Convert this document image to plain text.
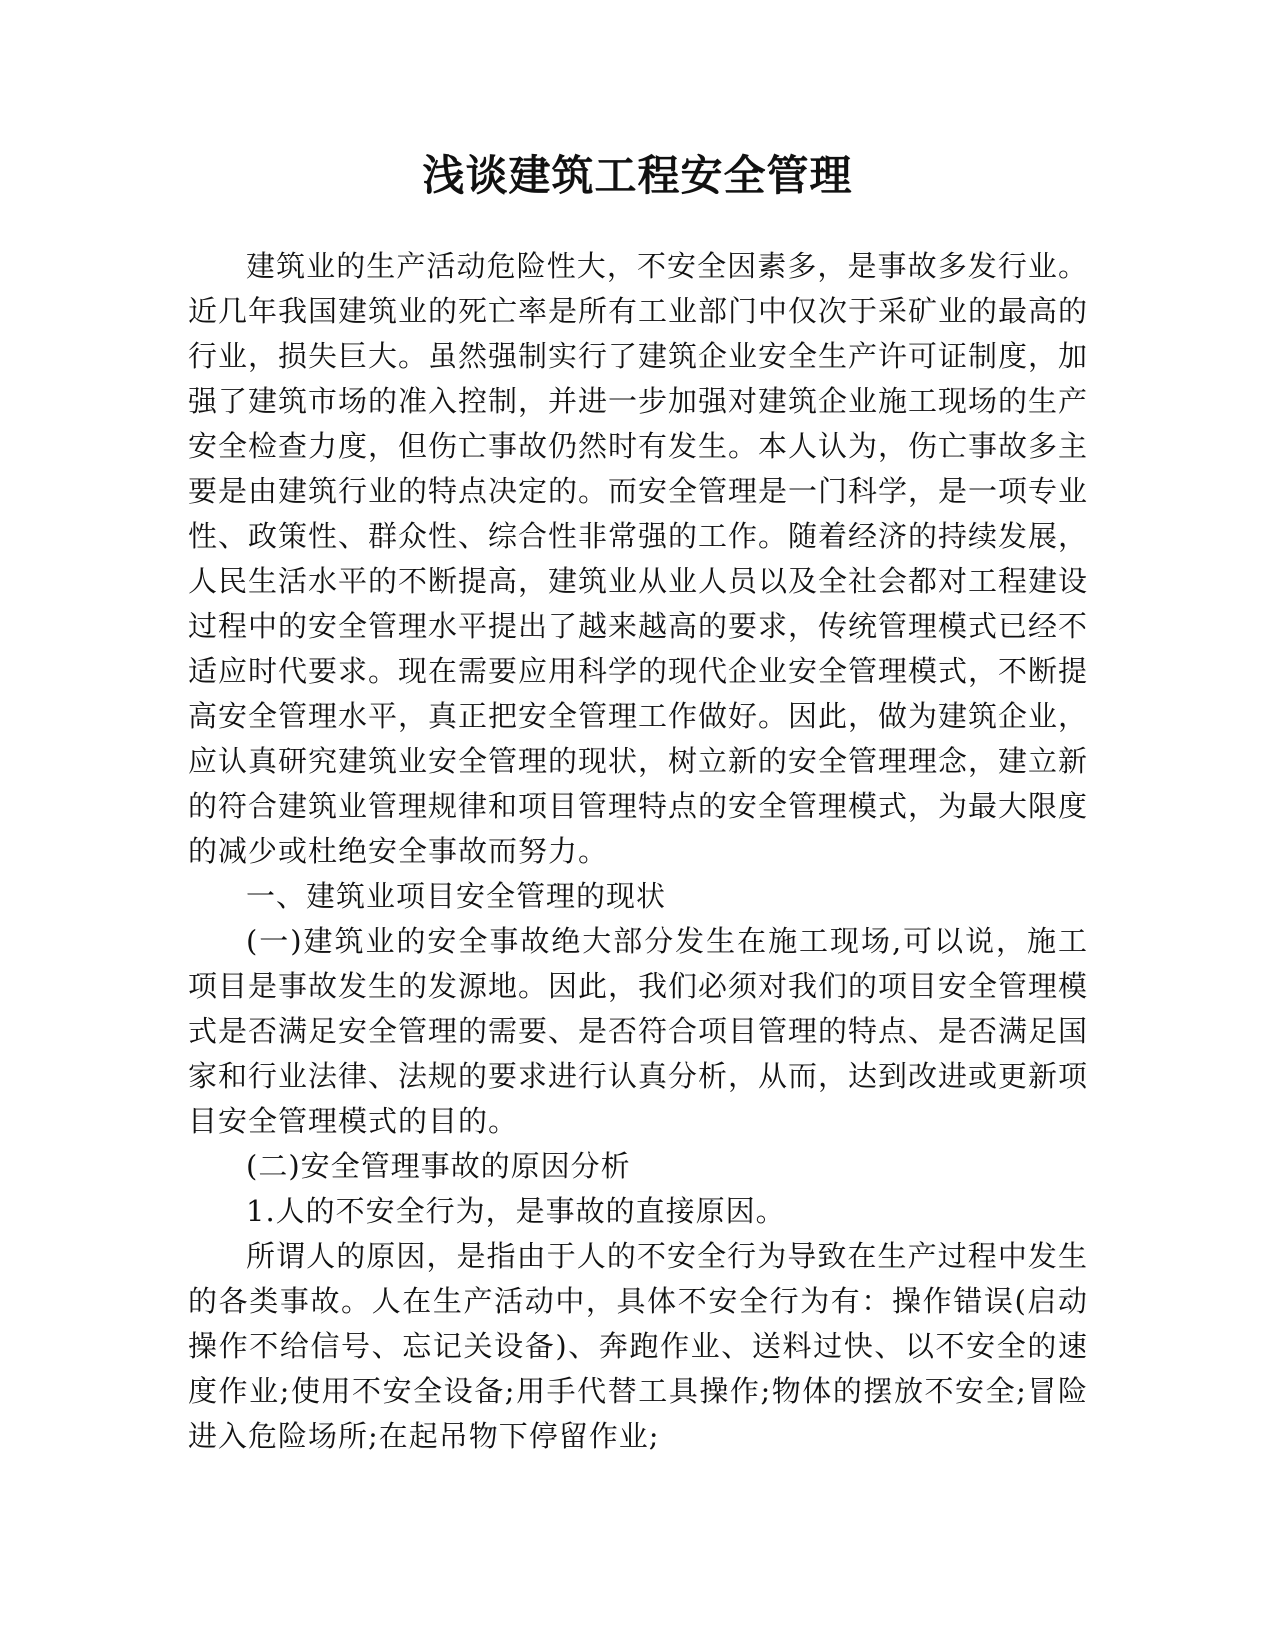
浅谈建筑工程安全管理

建筑业的生产活动危险性大，不安全因素多，是事故多发行业。近几年我国建筑业的死亡率是所有工业部门中仅次于采矿业的最高的行业，损失巨大。虽然强制实行了建筑企业安全生产许可证制度，加强了建筑市场的准入控制，并进一步加强对建筑企业施工现场的生产安全检查力度，但伤亡事故仍然时有发生。本人认为，伤亡事故多主要是由建筑行业的特点决定的。而安全管理是一门科学，是一项专业性、政策性、群众性、综合性非常强的工作。随着经济的持续发展，人民生活水平的不断提高，建筑业从业人员以及全社会都对工程建设过程中的安全管理水平提出了越来越高的要求，传统管理模式已经不适应时代要求。现在需要应用科学的现代企业安全管理模式，不断提高安全管理水平，真正把安全管理工作做好。因此，做为建筑企业，应认真研究建筑业安全管理的现状，树立新的安全管理理念，建立新的符合建筑业管理规律和项目管理特点的安全管理模式，为最大限度的减少或杜绝安全事故而努力。

一、建筑业项目安全管理的现状

(一)建筑业的安全事故绝大部分发生在施工现场,可以说，施工项目是事故发生的发源地。因此，我们必须对我们的项目安全管理模式是否满足安全管理的需要、是否符合项目管理的特点、是否满足国家和行业法律、法规的要求进行认真分析，从而，达到改进或更新项目安全管理模式的目的。

(二)安全管理事故的原因分析

1.人的不安全行为，是事故的直接原因。

所谓人的原因，是指由于人的不安全行为导致在生产过程中发生的各类事故。人在生产活动中，具体不安全行为有：操作错误(启动操作不给信号、忘记关设备)、奔跑作业、送料过快、以不安全的速度作业;使用不安全设备;用手代替工具操作;物体的摆放不安全;冒险进入危险场所;在起吊物下停留作业;
